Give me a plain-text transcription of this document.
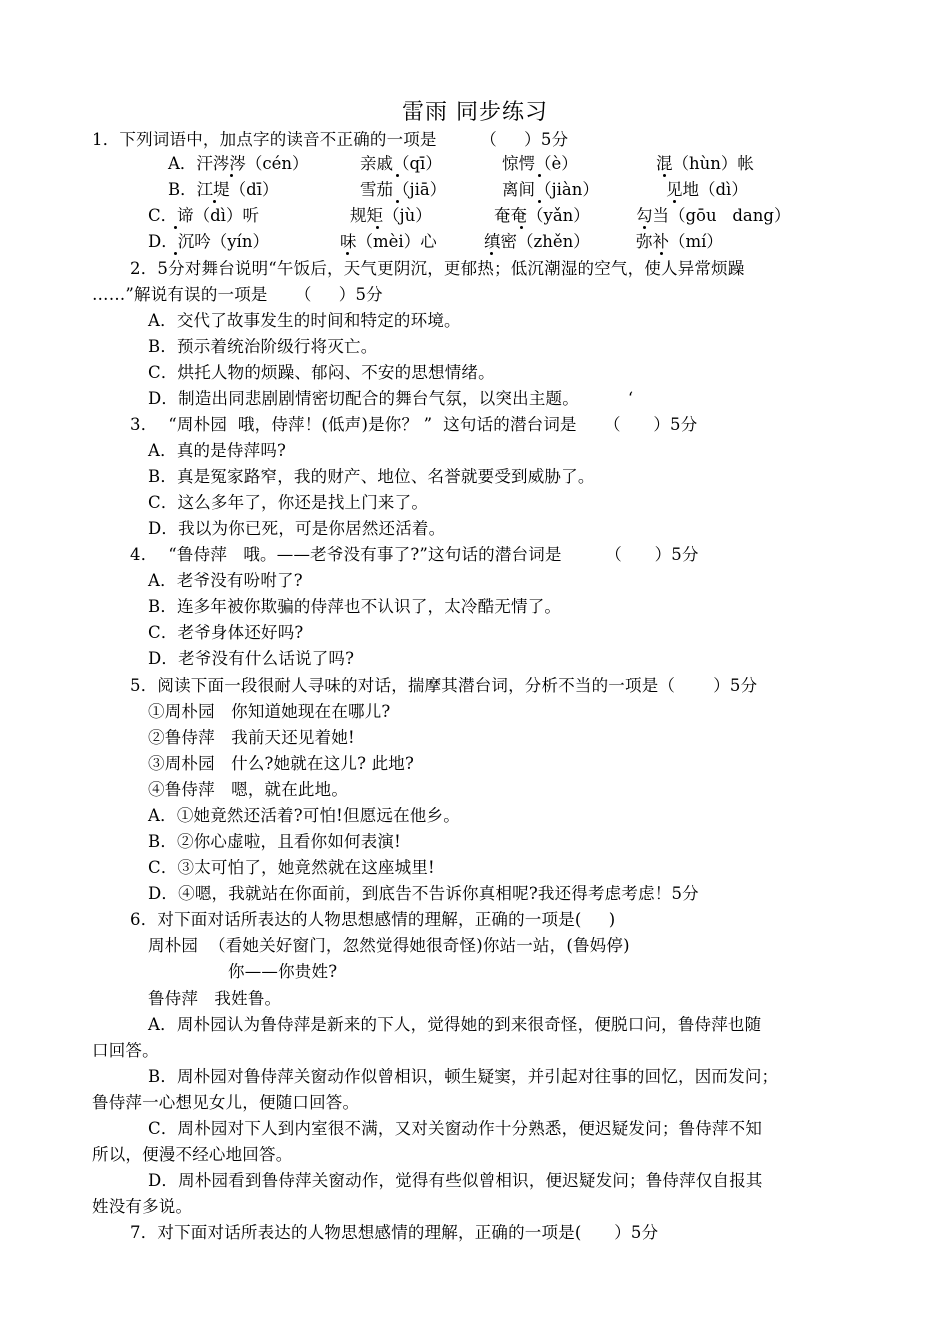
雷雨 同步练习
1．下列词语中，加点字的读音不正确的一项是        （     ）5分
A．汗涔涔（cén）	亲戚（qī）	惊愕（è）	混（hùn）帐
B．江堤（dī）	雪茄（jiā）	离间（jiàn）	见地（dì）
C．谛（dì）听	规矩（jù）	奄奄（yǎn）	勾当（gōu   dang）
D．沉吟（yín）	味（mèi）心	缜密（zhěn）	弥补（mí）
2．5分对舞台说明“午饭后，天气更阴沉，更郁热；低沉潮湿的空气，使人异常烦躁
……”解说有误的一项是     （     ）5分
A．交代了故事发生的时间和特定的环境。
B．预示着统治阶级行将灭亡。
C．烘托人物的烦躁、郁闷、不安的思想情绪。
D．制造出同悲剧剧情密切配合的舞台气氛，以突出主题。         ‘
3．  “周朴园  哦，侍萍！(低声)是你？ ”  这句话的潜台词是     （      ）5分
A．真的是侍萍吗?
B．真是冤家路窄，我的财产、地位、名誉就要受到威胁了。
C．这么多年了，你还是找上门来了。
D．我以为你已死，可是你居然还活着。
4．  “鲁侍萍   哦。——老爷没有事了?”这句话的潜台词是        （      ）5分
A．老爷没有吩咐了?
B．连多年被你欺骗的侍萍也不认识了，太冷酷无情了。
C．老爷身体还好吗?
D．老爷没有什么话说了吗?
5．阅读下面一段很耐人寻味的对话，揣摩其潜台词，分析不当的一项是（       ）5分
①周朴园   你知道她现在在哪儿?
②鲁侍萍   我前天还见着她!
③周朴园   什么?她就在这儿? 此地?
④鲁侍萍   嗯，就在此地。
A．①她竟然还活着?可怕!但愿远在他乡。
B．②你心虚啦，且看你如何表演!
C．③太可怕了，她竟然就在这座城里!
D．④嗯，我就站在你面前，到底告不告诉你真相呢?我还得考虑考虑！5分
6．对下面对话所表达的人物思想感情的理解，正确的一项是(     )
周朴园  （看她关好窗门，忽然觉得她很奇怪)你站一站，(鲁妈停)
你——你贵姓?
鲁侍萍   我姓鲁。
A．周朴园认为鲁侍萍是新来的下人，觉得她的到来很奇怪，便脱口问，鲁侍萍也随
口回答。
B．周朴园对鲁侍萍关窗动作似曾相识，顿生疑窦，并引起对往事的回忆，因而发问；
鲁侍萍一心想见女儿，便随口回答。
C．周朴园对下人到内室很不满，又对关窗动作十分熟悉，便迟疑发问；鲁侍萍不知
所以，便漫不经心地回答。
D．周朴园看到鲁侍萍关窗动作，觉得有些似曾相识，便迟疑发问；鲁侍萍仅自报其
姓没有多说。
7．对下面对话所表达的人物思想感情的理解，正确的一项是(      ）5分
